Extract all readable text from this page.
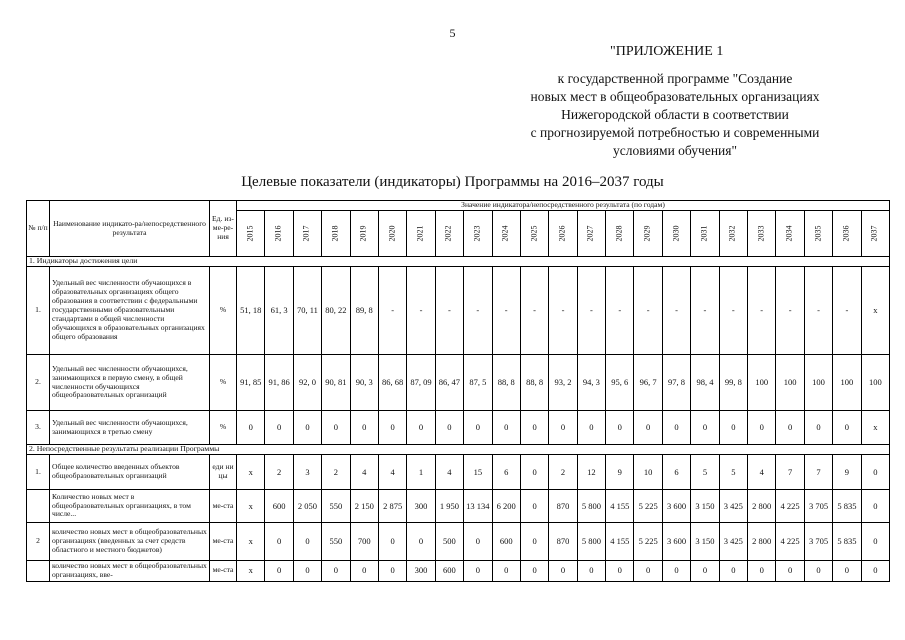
5
"ПРИЛОЖЕНИЕ 1
к государственной программе "Создание
новых мест в общеобразовательных организациях
Нижегородской области в соответствии
с прогнозируемой потребностью и современными
условиями обучения"
Целевые показатели (индикаторы) Программы на 2016–2037 годы
№ п/п	Наименование индикато-ра/непосредственного результата	Ед. из-ме-ре-ния	Значение индикатора/непосредственного результата (по годам)																						
			2015	2016	2017	2018	2019	2020	2021	2022	2023	2024	2025	2026	2027	2028	2029	2030	2031	2032	2033	2034	2035	2036	2037
1. Индикаторы достижения цели																									
1.	Удельный вес численности обучающихся в образовательных организациях общего образования в соответствии с федеральными государственными образовательными стандартами в общей численности обучающихся в образовательных организациях общего образования	%	51, 18	61, 3	70, 11	80, 22	89, 8	-	-	-	-	-	-	-	-	-	-	-	-	-	-	-	-	-	х
2.	Удельный вес численности обучающихся, занимающихся в первую смену, в общей численности обучающихся общеобразовательных организаций	%	91, 85	91, 86	92, 0	90, 81	90, 3	86, 68	87, 09	86, 47	87, 5	88, 8	88, 8	93, 2	94, 3	95, 6	96, 7	97, 8	98, 4	99, 8	100	100	100	100	100
3.	Удельный вес численности обучающихся, занимающихся в третью смену	%	0	0	0	0	0	0	0	0	0	0	0	0	0	0	0	0	0	0	0	0	0	0	х
2. Непосредственные результаты реализации Программы																									
1.	Общее количество введенных объектов общеобразовательных организаций	еди ни цы	х	2	3	2	4	4	1	4	15	6	0	2	12	9	10	6	5	5	4	7	7	9	0
	Количество новых мест в общеобразовательных организациях, в том числе...	ме-ста	х	600	2 050	550	2 150	2 875	300	1 950	13 134	6 200	0	870	5 800	4 155	5 225	3 600	3 150	3 425	2 800	4 225	3 705	5 835	0
2	количество новых мест в общеобразовательных организациях (введенных за счет средств областного и местного бюджетов)	ме-ста	х	0	0	550	700	0	0	500	0	600	0	870	5 800	4 155	5 225	3 600	3 150	3 425	2 800	4 225	3 705	5 835	0
	количество новых мест в общеобразовательных организациях, вве-	ме-ста	х	0	0	0	0	0	300	600	0	0	0	0	0	0	0	0	0	0	0	0	0	0	0
